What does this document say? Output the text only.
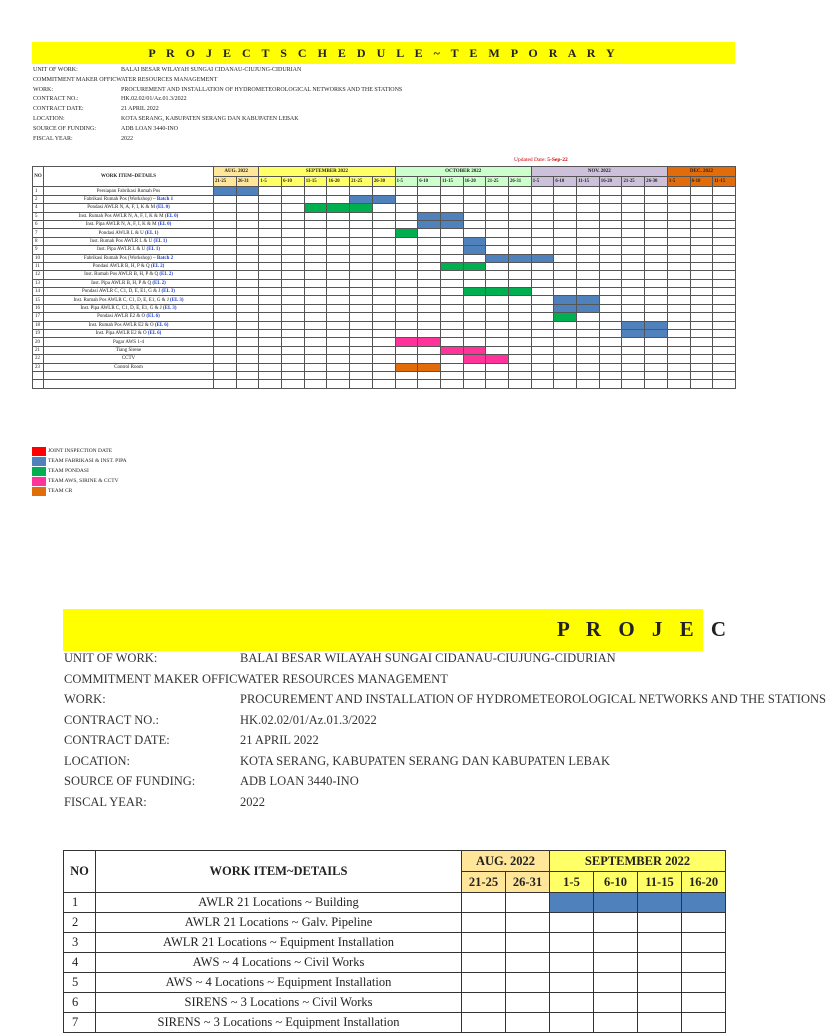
P R O J E C T S C H E D U L E ~ T E M P O R A R Y
UNIT OF WORK:	BALAI BESAR WILAYAH SUNGAI CIDANAU-CIUJUNG-CIDURIAN
COMMITMENT MAKER OFFICWATER RESOURCES MANAGEMENT
WORK:	PROCUREMENT AND INSTALLATION OF HYDROMETEOROLOGICAL NETWORKS AND THE STATIONS
CONTRACT NO.:	HK.02.02/01/Az.01.3/2022
CONTRACT DATE:	21 APRIL 2022
LOCATION:	KOTA SERANG, KABUPATEN SERANG DAN KABUPATEN LEBAK
SOURCE OF FUNDING:	ADB LOAN 3440-INO
FISCAL YEAR:	2022
Updated Date: 5-Sep-22
NO	WORK ITEM~DETAILS	AUG. 2022		SEPTEMBER 2022						OCTOBER 2022						NOV. 2022						DEC. 2022		
		21-25	26-31	1-5	6-10	11-15	16-20	21-25	26-30	1-5	6-10	11-15	16-20	21-25	26-31	1-5	6-10	11-15	16-20	21-25	26-30	1-5	6-10	11-15
1	Persiapan Fabrikasi Rumah Pos																							
2	Fabrikasi Rumah Pos (Workshop) ~ Batch 1																							
4	Pondasi AWLR N, A, F, I, K & M (EL 0)																							
5	Inst. Rumah Pos AWLR N, A, F, I, K & M (EL 0)																							
6	Inst. Pipa AWLR N, A, F, I, K & M (EL 0)																							
7	Pondasi AWLR L & U (EL 1)																							
8	Inst. Rumah Pos AWLR L & U (EL 1)																							
9	Inst. Pipa AWLR L & U (EL 1)																							
10	Fabrikasi Rumah Pos (Workshop) ~ Batch 2																							
11	Pondasi AWLR B, H, P & Q (EL 2)																							
12	Inst. Rumah Pos AWLR B, H, P & Q (EL 2)																							
13	Inst. Pipa AWLR B, H, P & Q (EL 2)																							
14	Pondasi AWLR C, C1, D, E, E1, G & J (EL 3)																							
15	Inst. Rumah Pos AWLR C, C1, D, E, E1, G & J (EL 3)																							
16	Inst. Pipa AWLR C, C1, D, E, E1, G & J (EL 3)																							
17	Pondasi AWLR E2 & O (EL 6)																							
18	Inst. Rumah Pos AWLR E2 & O (EL 6)																							
19	Inst. Pipa AWLR E2 & O (EL 6)																							
20	Pagar AWS 1-4																							
21	Tiang Sirene																							
22	CCTV																							
23	Control Room																							

JOINT INSPECTION DATE
TEAM FABRIKASI & INST. PIPA
TEAM PONDASI
TEAM AWS, SIRINE & CCTV
TEAM CR
P R O J E C
UNIT OF WORK:	BALAI BESAR WILAYAH SUNGAI CIDANAU-CIUJUNG-CIDURIAN
COMMITMENT MAKER OFFICWATER RESOURCES MANAGEMENT
WORK:	PROCUREMENT AND INSTALLATION OF HYDROMETEOROLOGICAL NETWORKS AND THE STATIONS
CONTRACT NO.:	HK.02.02/01/Az.01.3/2022
CONTRACT DATE:	21 APRIL 2022
LOCATION:	KOTA SERANG, KABUPATEN SERANG DAN KABUPATEN LEBAK
SOURCE OF FUNDING:	ADB LOAN 3440-INO
FISCAL YEAR:	2022
NO	WORK ITEM~DETAILS	AUG. 2022		SEPTEMBER 2022			
		21-25	26-31	1-5	6-10	11-15	16-20
1	AWLR 21 Locations ~ Building						
2	AWLR 21 Locations ~ Galv. Pipeline						
3	AWLR 21 Locations ~ Equipment Installation						
4	AWS ~ 4 Locations ~ Civil Works						
5	AWS ~ 4 Locations ~ Equipment Installation						
6	SIRENS ~ 3 Locations ~ Civil Works						
7	SIRENS ~ 3 Locations ~ Equipment Installation						
